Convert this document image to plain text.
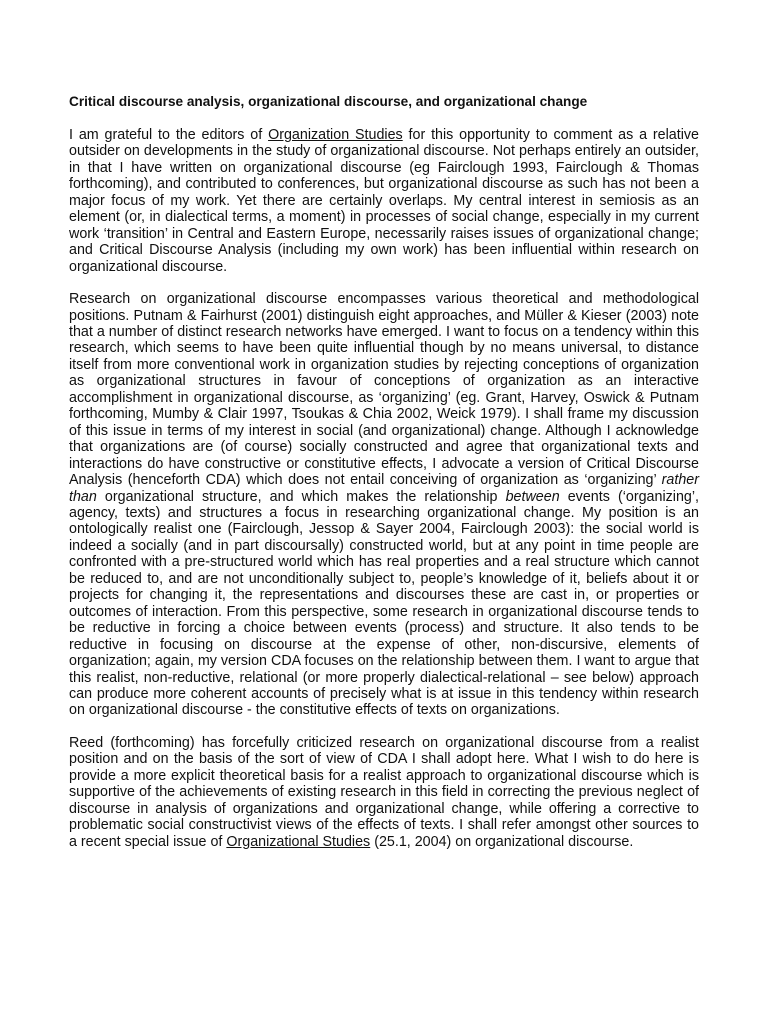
Critical discourse analysis, organizational discourse, and organizational change

I am grateful to the editors of Organization Studies for this opportunity to comment as a relative outsider on developments in the study of organizational discourse. Not perhaps entirely an outsider, in that I have written on organizational discourse (eg Fairclough 1993, Fairclough & Thomas forthcoming), and contributed to conferences, but organizational discourse as such has not been a major focus of my work. Yet there are certainly overlaps. My central interest in semiosis as an element (or, in dialectical terms, a moment) in processes of social change, especially in my current work ‘transition’ in Central and Eastern Europe, necessarily raises issues of organizational change; and Critical Discourse Analysis (including my own work) has been influential within research on organizational discourse.

Research on organizational discourse encompasses various theoretical and methodological positions. Putnam & Fairhurst (2001) distinguish eight approaches, and Müller & Kieser (2003) note that a number of distinct research networks have emerged. I want to focus on a tendency within this research, which seems to have been quite influential though by no means universal, to distance itself from more conventional work in organization studies by rejecting conceptions of organization as organizational structures in favour of conceptions of organization as an interactive accomplishment in organizational discourse, as ‘organizing’ (eg. Grant, Harvey, Oswick & Putnam forthcoming, Mumby & Clair 1997, Tsoukas & Chia 2002, Weick 1979). I shall frame my discussion of this issue in terms of my interest in social (and organizational) change. Although I acknowledge that organizations are (of course) socially constructed and agree that organizational texts and interactions do have constructive or constitutive effects, I advocate a version of Critical Discourse Analysis (henceforth CDA) which does not entail conceiving of organization as ‘organizing’ rather than organizational structure, and which makes the relationship between events (‘organizing’, agency, texts) and structures a focus in researching organizational change. My position is an ontologically realist one (Fairclough, Jessop & Sayer 2004, Fairclough 2003): the social world is indeed a socially (and in part discoursally) constructed world, but at any point in time people are confronted with a pre-structured world which has real properties and a real structure which cannot be reduced to, and are not unconditionally subject to, people’s knowledge of it, beliefs about it or projects for changing it, the representations and discourses these are cast in, or properties or outcomes of interaction. From this perspective, some research in organizational discourse tends to be reductive in forcing a choice between events (process) and structure. It also tends to be reductive in focusing on discourse at the expense of other, non-discursive, elements of organization; again, my version CDA focuses on the relationship between them. I want to argue that this realist, non-reductive, relational (or more properly dialectical-relational – see below) approach can produce more coherent accounts of precisely what is at issue in this tendency within research on organizational discourse - the constitutive effects of texts on organizations.

Reed (forthcoming) has forcefully criticized research on organizational discourse from a realist position and on the basis of the sort of view of CDA I shall adopt here. What I wish to do here is provide a more explicit theoretical basis for a realist approach to organizational discourse which is supportive of the achievements of existing research in this field in correcting the previous neglect of discourse in analysis of organizations and organizational change, while offering a corrective to problematic social constructivist views of the effects of texts. I shall refer amongst other sources to a recent special issue of Organizational Studies (25.1, 2004) on organizational discourse.
